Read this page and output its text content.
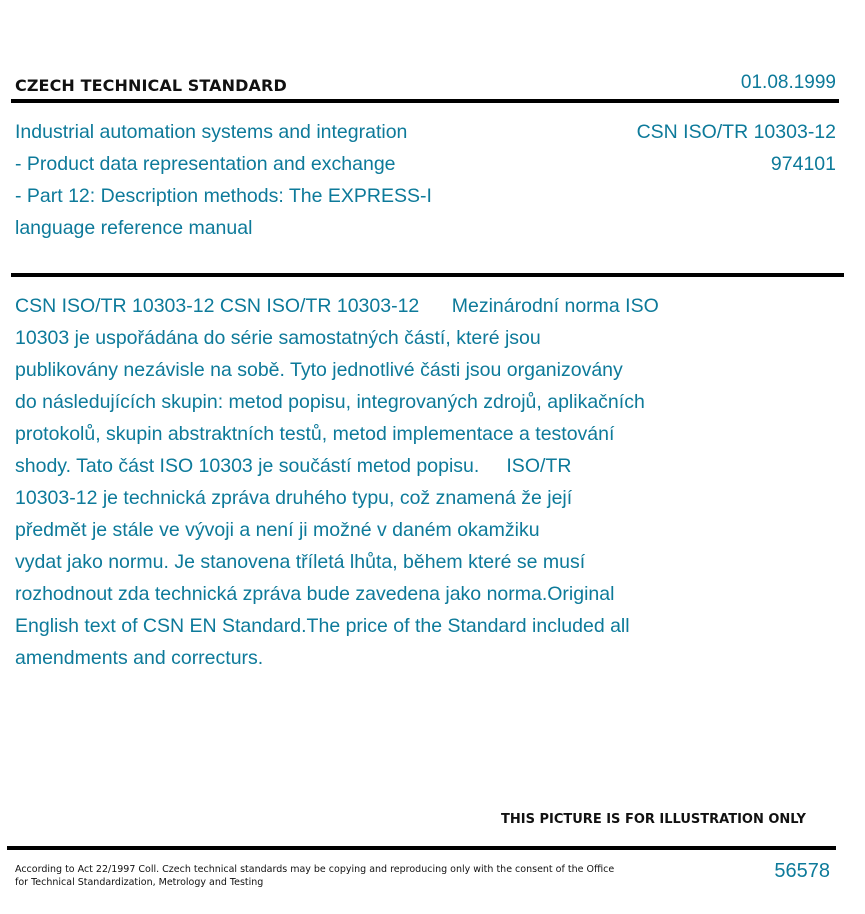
CZECH TECHNICAL STANDARD	01.08.1999
Industrial automation systems and integration
- Product data representation and exchange
- Part 12: Description methods: The EXPRESS-I
language reference manual
CSN ISO/TR 10303-12
974101
CSN ISO/TR 10303-12 CSN ISO/TR 10303-12      Mezinárodní norma ISO
10303 je uspořádána do série samostatných částí, které jsou
publikovány nezávisle na sobě. Tyto jednotlivé části jsou organizovány
do následujících skupin: metod popisu, integrovaných zdrojů, aplikačních
protokolů, skupin abstraktních testů, metod implementace a testování
shody. Tato část ISO 10303 je součástí metod popisu.     ISO/TR
10303-12 je technická zpráva druhého typu, což znamená že její
předmět je stále ve vývoji a není ji možné v daném okamžiku
vydat jako normu. Je stanovena tříletá lhůta, během které se musí
rozhodnout zda technická zpráva bude zavedena jako norma.Original
English text of CSN EN Standard.The price of the Standard included all
amendments and correcturs.
THIS PICTURE IS FOR ILLUSTRATION ONLY
According to Act 22/1997 Coll. Czech technical standards may be copying and reproducing only with the consent of the Office
for Technical Standardization, Metrology and Testing
56578
